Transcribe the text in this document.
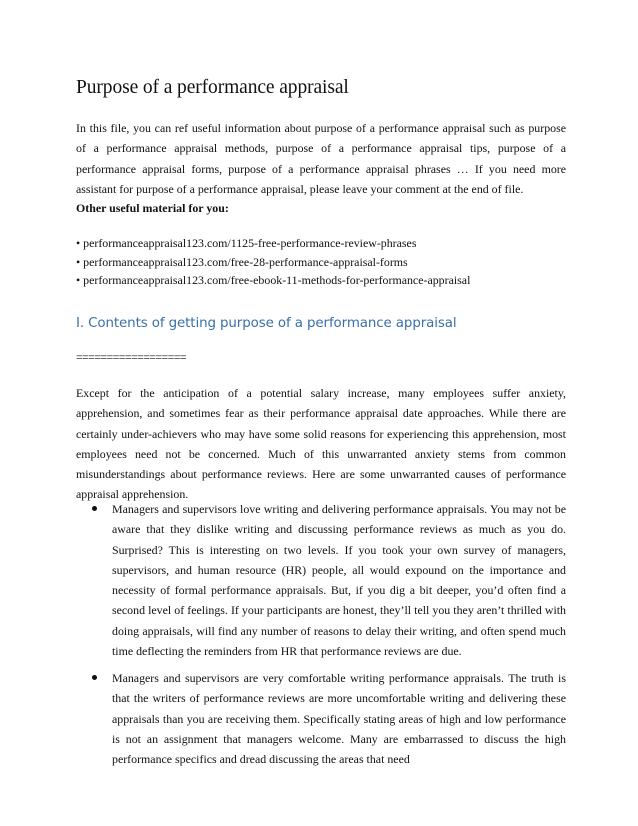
Purpose of a performance appraisal
In this file, you can ref useful information about purpose of a performance appraisal such as purpose of a performance appraisal methods, purpose of a performance appraisal tips, purpose of a performance appraisal forms, purpose of a performance appraisal phrases … If you need more assistant for purpose of a performance appraisal, please leave your comment at the end of file.
Other useful material for you:
• performanceappraisal123.com/1125-free-performance-review-phrases
• performanceappraisal123.com/free-28-performance-appraisal-forms
• performanceappraisal123.com/free-ebook-11-methods-for-performance-appraisal
I. Contents of getting purpose of a performance appraisal
==================
Except for the anticipation of a potential salary increase, many employees suffer anxiety, apprehension, and sometimes fear as their performance appraisal date approaches. While there are certainly under-achievers who may have some solid reasons for experiencing this apprehension, most employees need not be concerned. Much of this unwarranted anxiety stems from common misunderstandings about performance reviews. Here are some unwarranted causes of performance appraisal apprehension.
Managers and supervisors love writing and delivering performance appraisals. You may not be aware that they dislike writing and discussing performance reviews as much as you do. Surprised? This is interesting on two levels. If you took your own survey of managers, supervisors, and human resource (HR) people, all would expound on the importance and necessity of formal performance appraisals. But, if you dig a bit deeper, you’d often find a second level of feelings. If your participants are honest, they’ll tell you they aren’t thrilled with doing appraisals, will find any number of reasons to delay their writing, and often spend much time deflecting the reminders from HR that performance reviews are due.
Managers and supervisors are very comfortable writing performance appraisals. The truth is that the writers of performance reviews are more uncomfortable writing and delivering these appraisals than you are receiving them. Specifically stating areas of high and low performance is not an assignment that managers welcome. Many are embarrassed to discuss the high performance specifics and dread discussing the areas that need
